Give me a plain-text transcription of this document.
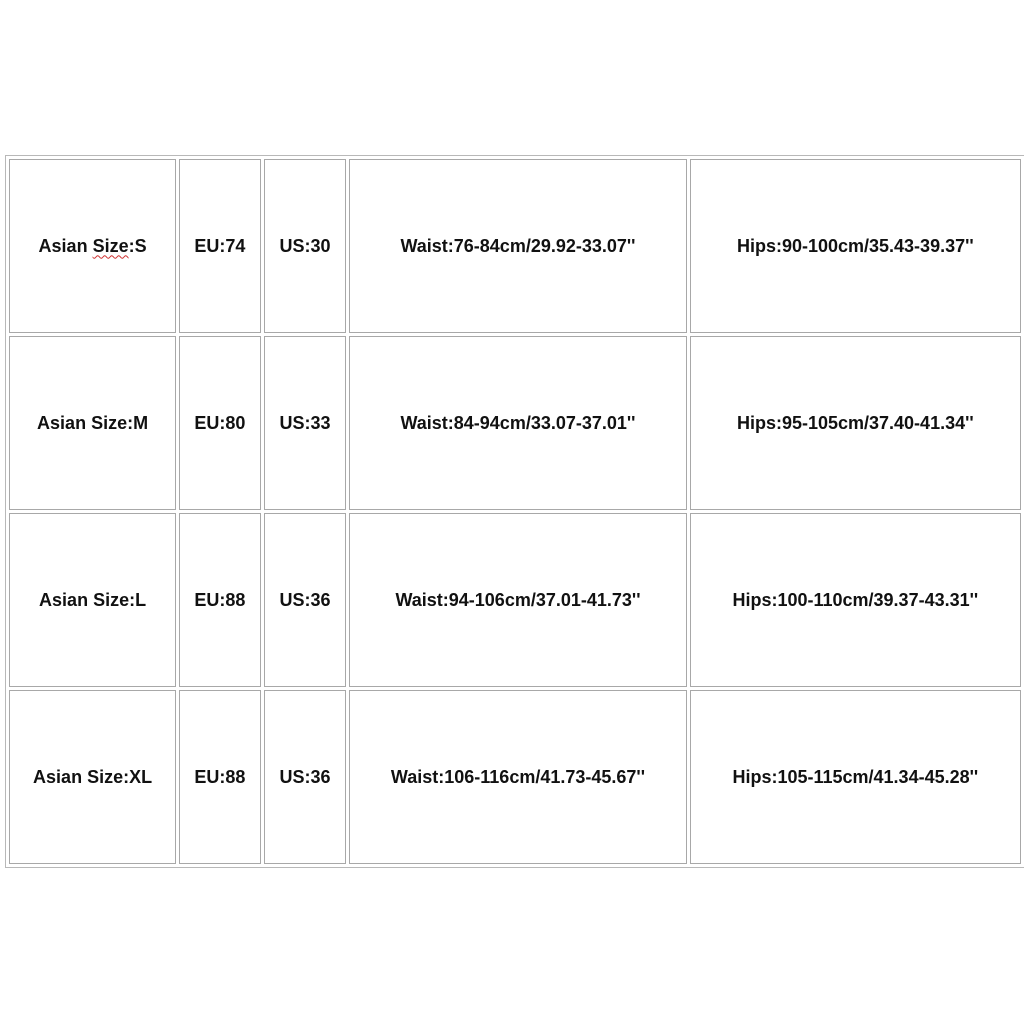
Asian Size:S	EU:74	US:30	Waist:76-84cm/29.92-33.07''	Hips:90-100cm/35.43-39.37''
Asian Size:M	EU:80	US:33	Waist:84-94cm/33.07-37.01''	Hips:95-105cm/37.40-41.34''
Asian Size:L	EU:88	US:36	Waist:94-106cm/37.01-41.73''	Hips:100-110cm/39.37-43.31''
Asian Size:XL	EU:88	US:36	Waist:106-116cm/41.73-45.67''	Hips:105-115cm/41.34-45.28''
